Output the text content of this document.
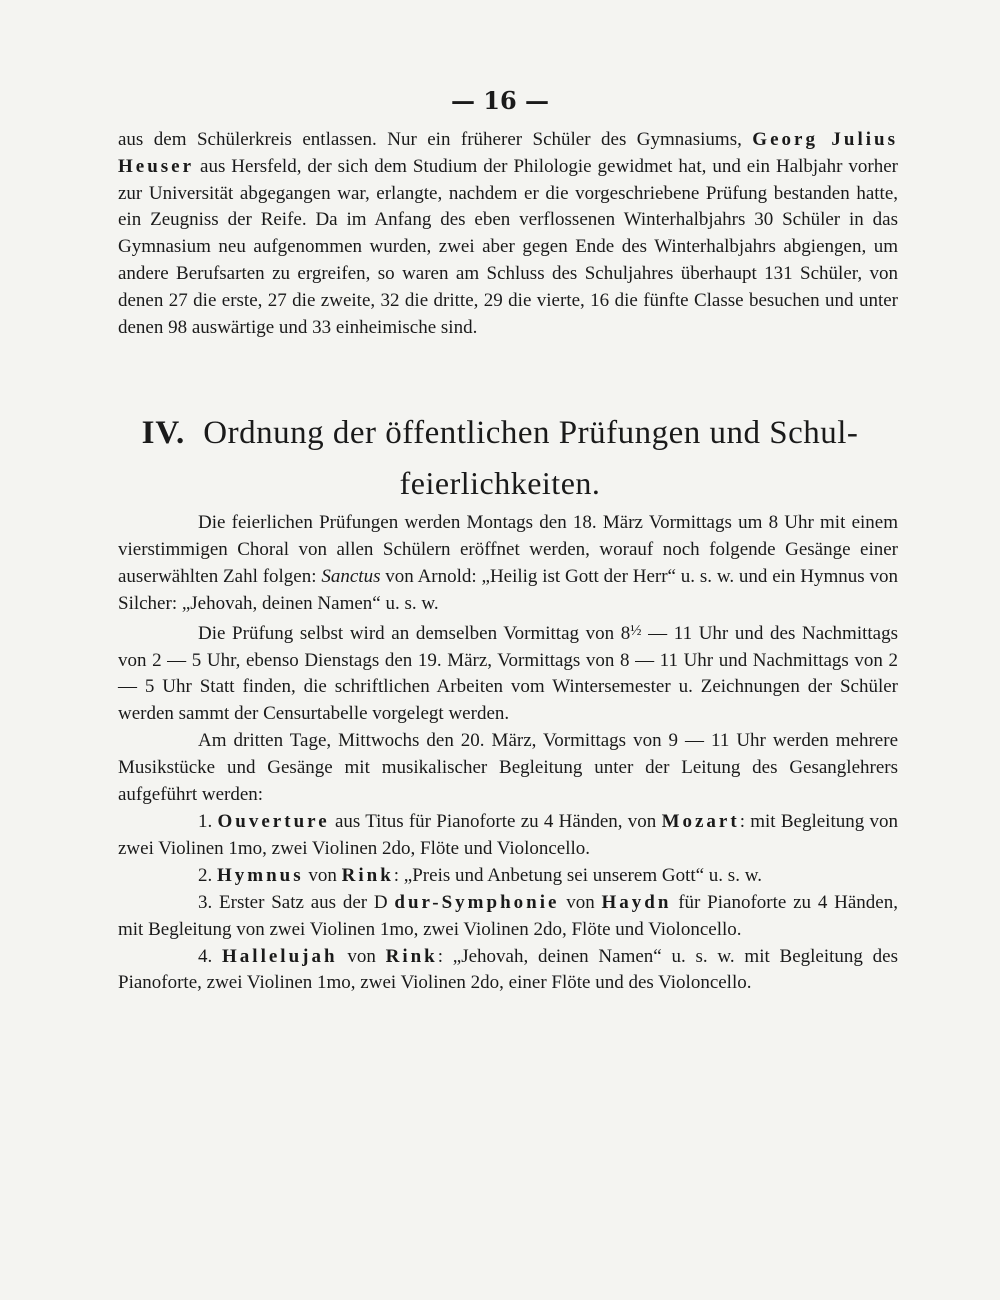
— 16 —

aus dem Schülerkreis entlassen. Nur ein früherer Schüler des Gymnasiums, Georg Julius Heuser aus Hersfeld, der sich dem Studium der Philologie gewidmet hat, und ein Halbjahr vorher zur Universität abgegangen war, erlangte, nachdem er die vorgeschriebene Prüfung bestanden hatte, ein Zeugniss der Reife. Da im Anfang des eben verflossenen Winterhalbjahrs 30 Schüler in das Gymnasium neu aufgenommen wurden, zwei aber gegen Ende des Winterhalbjahrs abgiengen, um andere Berufsarten zu ergreifen, so waren am Schluss des Schuljahres überhaupt 131 Schüler, von denen 27 die erste, 27 die zweite, 32 die dritte, 29 die vierte, 16 die fünfte Classe besuchen und unter denen 98 auswärtige und 33 einheimische sind.

IV. Ordnung der öffentlichen Prüfungen und Schul-
feierlichkeiten.

Die feierlichen Prüfungen werden Montags den 18. März Vormittags um 8 Uhr mit einem vierstimmigen Choral von allen Schülern eröffnet werden, worauf noch folgende Gesänge einer auserwählten Zahl folgen: Sanctus von Arnold: „Heilig ist Gott der Herr“ u. s. w. und ein Hymnus von Silcher: „Jehovah, deinen Namen“ u. s. w.

Die Prüfung selbst wird an demselben Vormittag von $8^{\frac{1}{2}}$ — 11 Uhr und des Nachmittags von 2 — 5 Uhr, ebenso Dienstags den 19. März, Vormittags von 8 — 11 Uhr und Nachmittags von 2 — 5 Uhr Statt finden, die schriftlichen Arbeiten vom Wintersemester u. Zeichnungen der Schüler werden sammt der Censurtabelle vorgelegt werden.

Am dritten Tage, Mittwochs den 20. März, Vormittags von 9 — 11 Uhr werden mehrere Musikstücke und Gesänge mit musikalischer Begleitung unter der Leitung des Gesanglehrers aufgeführt werden:

1. Ouverture aus Titus für Pianoforte zu 4 Händen, von Mozart: mit Begleitung von zwei Violinen 1mo, zwei Violinen 2do, Flöte und Violoncello.

2. Hymnus von Rink: „Preis und Anbetung sei unserem Gott“ u. s. w.

3. Erster Satz aus der D dur-Symphonie von Haydn für Pianoforte zu 4 Händen, mit Begleitung von zwei Violinen 1mo, zwei Violinen 2do, Flöte und Violoncello.

4. Hallelujah von Rink: „Jehovah, deinen Namen“ u. s. w. mit Begleitung des Pianoforte, zwei Violinen 1mo, zwei Violinen 2do, einer Flöte und des Violoncello.
